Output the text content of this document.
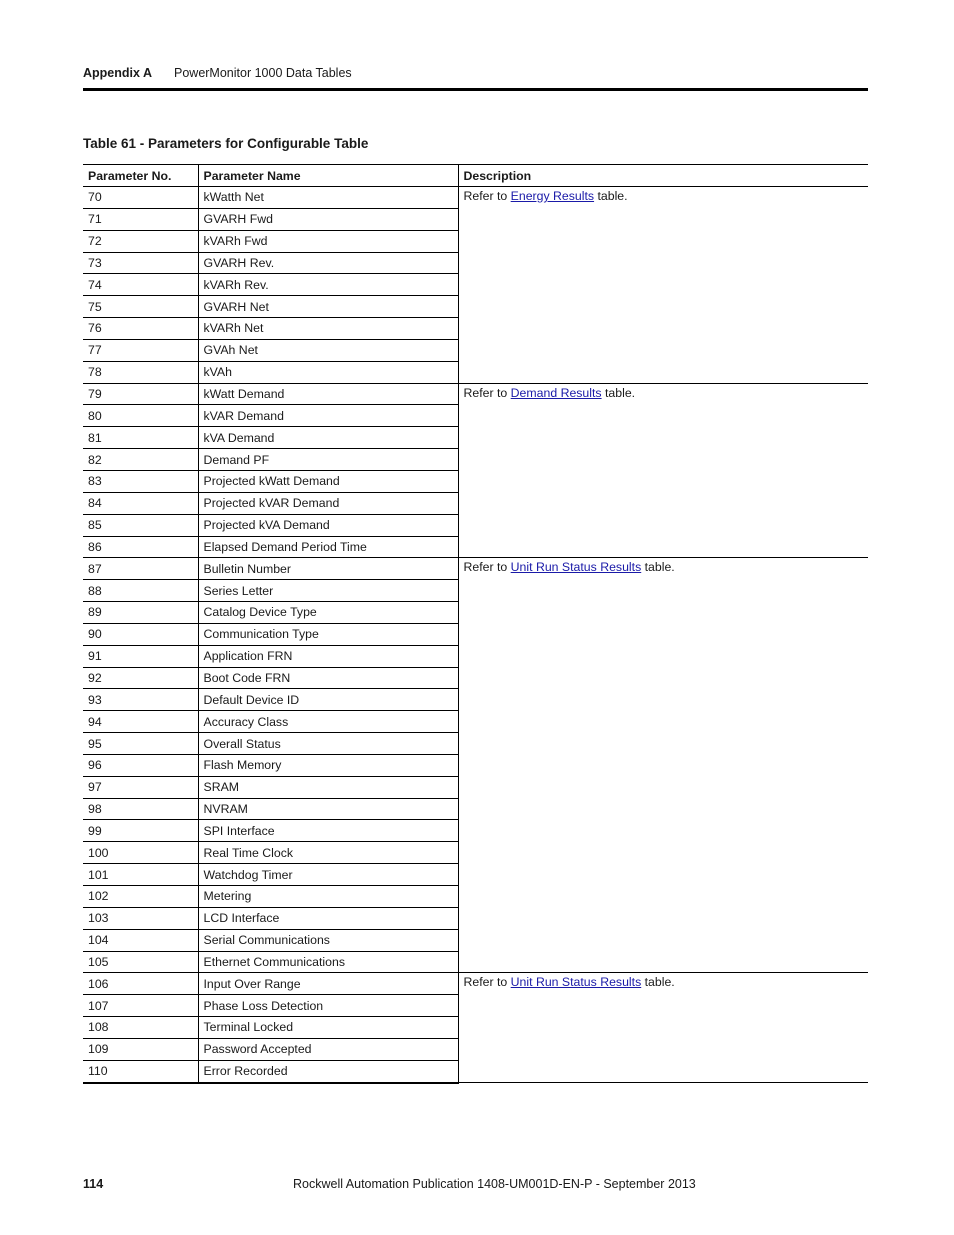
Appendix A PowerMonitor 1000 Data Tables
Table 61 - Parameters for Configurable Table
Parameter No.	Parameter Name	Description
70	kWatth Net	Refer to Energy Results table.
71	GVARH Fwd	
72	kVARh Fwd	
73	GVARH Rev.	
74	kVARh Rev.	
75	GVARH Net	
76	kVARh Net	
77	GVAh Net	
78	kVAh	
79	kWatt Demand	Refer to Demand Results table.
80	kVAR Demand	
81	kVA Demand	
82	Demand PF	
83	Projected kWatt Demand	
84	Projected kVAR Demand	
85	Projected kVA Demand	
86	Elapsed Demand Period Time	
87	Bulletin Number	Refer to Unit Run Status Results table.
88	Series Letter	
89	Catalog Device Type	
90	Communication Type	
91	Application FRN	
92	Boot Code FRN	
93	Default Device ID	
94	Accuracy Class	
95	Overall Status	
96	Flash Memory	
97	SRAM	
98	NVRAM	
99	SPI Interface	
100	Real Time Clock	
101	Watchdog Timer	
102	Metering	
103	LCD Interface	
104	Serial Communications	
105	Ethernet Communications	
106	Input Over Range	Refer to Unit Run Status Results table.
107	Phase Loss Detection	
108	Terminal Locked	
109	Password Accepted	
110	Error Recorded	
114	Rockwell Automation Publication 1408-UM001D-EN-P - September 2013
